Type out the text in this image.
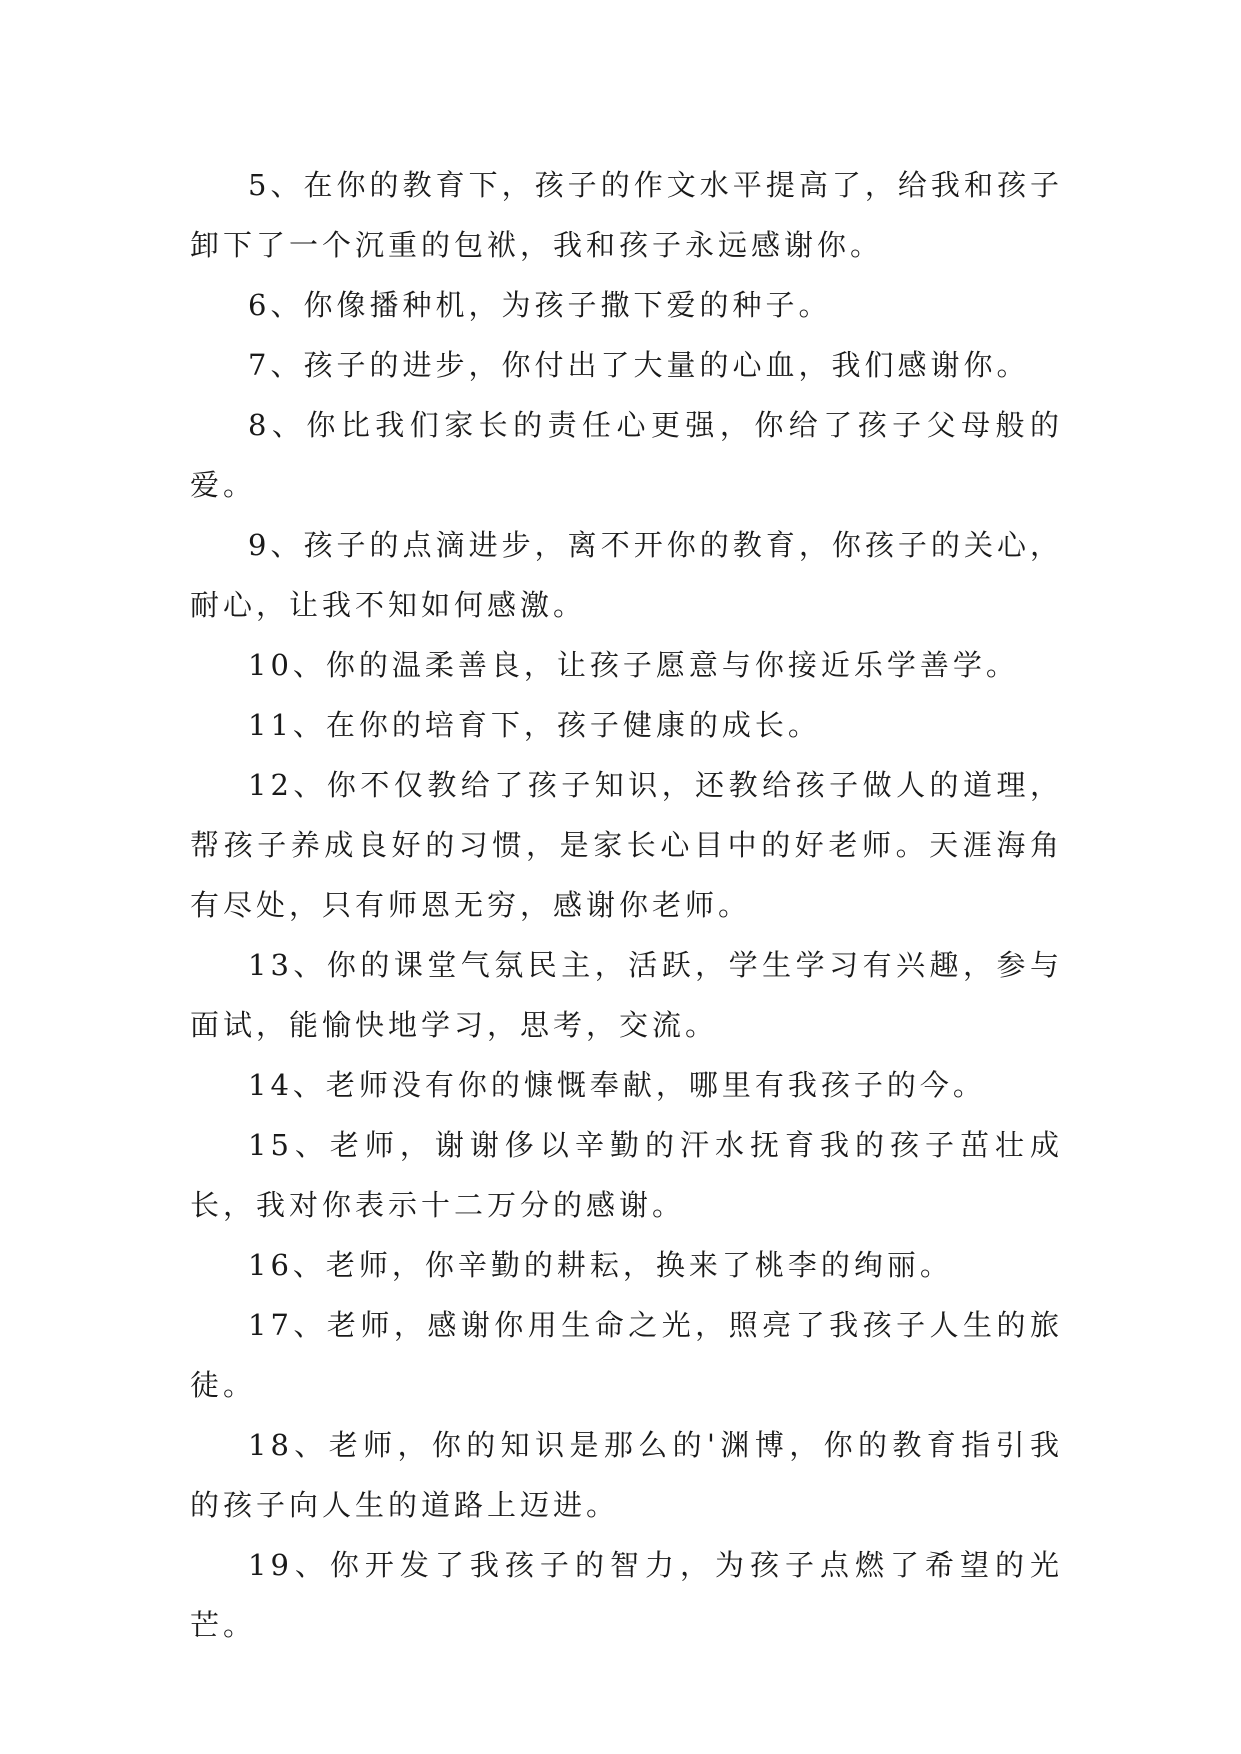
5、在你的教育下，孩子的作文水平提高了，给我和孩子卸下了一个沉重的包袱，我和孩子永远感谢你。

6、你像播种机，为孩子撒下爱的种子。

7、孩子的进步，你付出了大量的心血，我们感谢你。

8、你比我们家长的责任心更强，你给了孩子父母般的爱。

9、孩子的点滴进步，离不开你的教育，你孩子的关心，耐心，让我不知如何感激。

10、你的温柔善良，让孩子愿意与你接近乐学善学。

11、在你的培育下，孩子健康的成长。

12、你不仅教给了孩子知识，还教给孩子做人的道理，帮孩子养成良好的习惯，是家长心目中的好老师。天涯海角有尽处，只有师恩无穷，感谢你老师。

13、你的课堂气氛民主，活跃，学生学习有兴趣，参与面试，能愉快地学习，思考，交流。

14、老师没有你的慷慨奉献，哪里有我孩子的今。

15、老师，谢谢侈以辛勤的汗水抚育我的孩子茁壮成长，我对你表示十二万分的感谢。

16、老师，你辛勤的耕耘，换来了桃李的绚丽。

17、老师，感谢你用生命之光，照亮了我孩子人生的旅徒。

18、老师，你的知识是那么的'渊博，你的教育指引我的孩子向人生的道路上迈进。

19、你开发了我孩子的智力，为孩子点燃了希望的光芒。
